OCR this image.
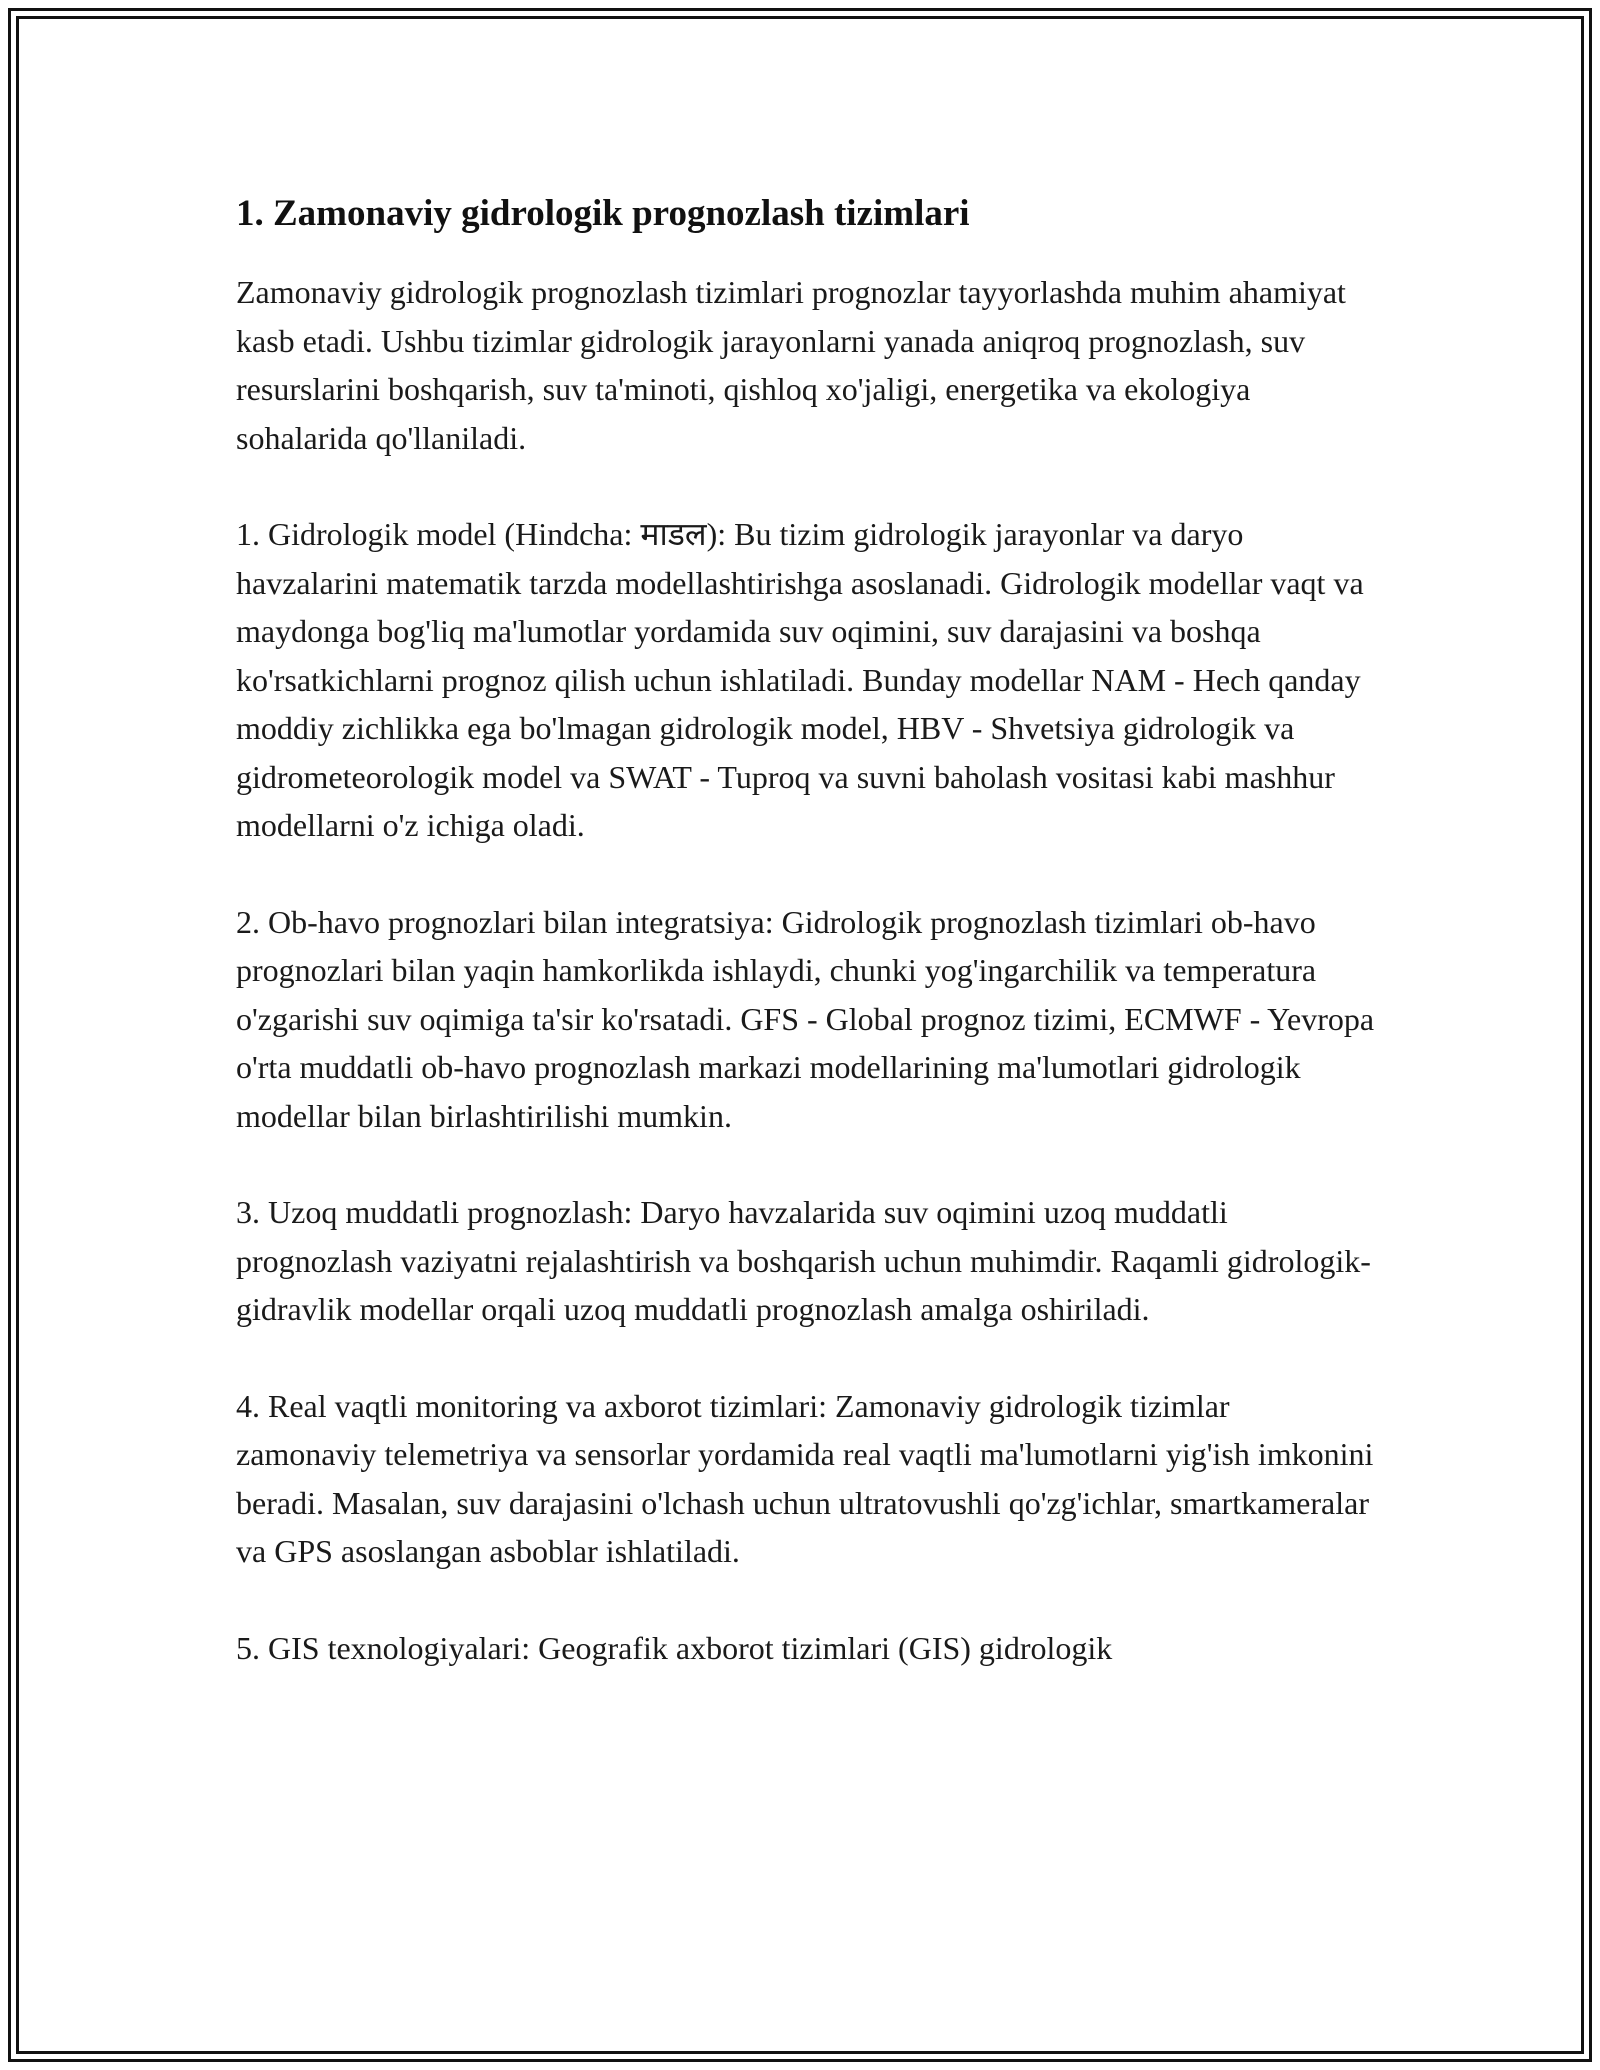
1. Zamonaviy gidrologik prognozlash tizimlari

Zamonaviy gidrologik prognozlash tizimlari prognozlar tayyorlashda muhim ahamiyat kasb etadi. Ushbu tizimlar gidrologik jarayonlarni yanada aniqroq prognozlash, suv resurslarini boshqarish, suv ta'minoti, qishloq xo'jaligi, energetika va ekologiya sohalarida qo'llaniladi.

1. Gidrologik model (Hindcha: माडल): Bu tizim gidrologik jarayonlar va daryo havzalarini matematik tarzda modellashtirishga asoslanadi. Gidrologik modellar vaqt va maydonga bog'liq ma'lumotlar yordamida suv oqimini, suv darajasini va boshqa ko'rsatkichlarni prognoz qilish uchun ishlatiladi. Bunday modellar NAM - Hech qanday moddiy zichlikka ega bo'lmagan gidrologik model, HBV - Shvetsiya gidrologik va gidrometeorologik model va SWAT - Tuproq va suvni baholash vositasi kabi mashhur modellarni o'z ichiga oladi.

2. Ob-havo prognozlari bilan integratsiya: Gidrologik prognozlash tizimlari ob-havo prognozlari bilan yaqin hamkorlikda ishlaydi, chunki yog'ingarchilik va temperatura o'zgarishi suv oqimiga ta'sir ko'rsatadi. GFS - Global prognoz tizimi, ECMWF - Yevropa o'rta muddatli ob-havo prognozlash markazi modellarining ma'lumotlari gidrologik modellar bilan birlashtirilishi mumkin.

3. Uzoq muddatli prognozlash: Daryo havzalarida suv oqimini uzoq muddatli prognozlash vaziyatni rejalashtirish va boshqarish uchun muhimdir. Raqamli gidrologik- gidravlik modellar orqali uzoq muddatli prognozlash amalga oshiriladi.

4. Real vaqtli monitoring va axborot tizimlari: Zamonaviy gidrologik tizimlar zamonaviy telemetriya va sensorlar yordamida real vaqtli ma'lumotlarni yig'ish imkonini beradi. Masalan, suv darajasini o'lchash uchun ultratovushli qo'zg'ichlar, smartkameralar va GPS asoslangan asboblar ishlatiladi.

5. GIS texnologiyalari: Geografik axborot tizimlari (GIS) gidrologik
